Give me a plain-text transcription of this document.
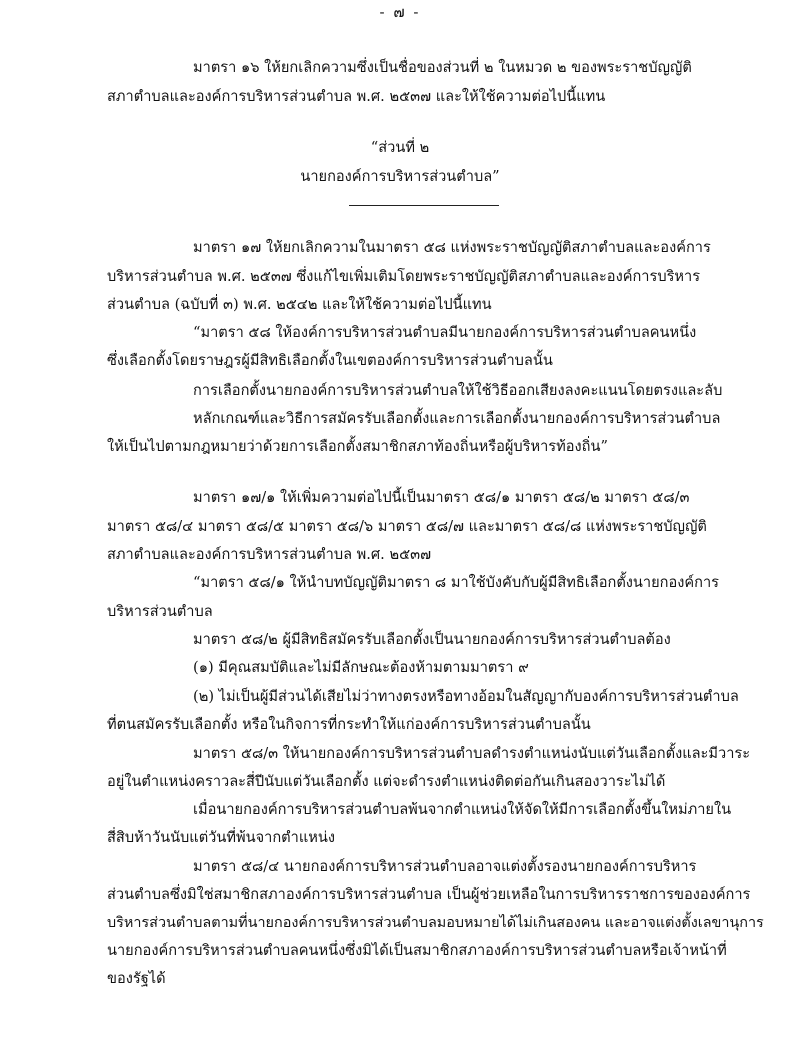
- ๗ -
มาตรา ๑๖ ให้ยกเลิกความซึ่งเป็นชื่อของส่วนที่ ๒ ในหมวด ๒ ของพระราชบัญญัติ
สภาตำบลและองค์การบริหารส่วนตำบล พ.ศ. ๒๕๓๗ และให้ใช้ความต่อไปนี้แทน
“ส่วนที่ ๒
นายกองค์การบริหารส่วนตำบล”
มาตรา ๑๗ ให้ยกเลิกความในมาตรา ๕๘ แห่งพระราชบัญญัติสภาตำบลและองค์การ
บริหารส่วนตำบล พ.ศ. ๒๕๓๗ ซึ่งแก้ไขเพิ่มเติมโดยพระราชบัญญัติสภาตำบลและองค์การบริหาร
ส่วนตำบล (ฉบับที่ ๓) พ.ศ. ๒๕๔๒ และให้ใช้ความต่อไปนี้แทน
“มาตรา ๕๘ ให้องค์การบริหารส่วนตำบลมีนายกองค์การบริหารส่วนตำบลคนหนึ่ง
ซึ่งเลือกตั้งโดยราษฎรผู้มีสิทธิเลือกตั้งในเขตองค์การบริหารส่วนตำบลนั้น
การเลือกตั้งนายกองค์การบริหารส่วนตำบลให้ใช้วิธีออกเสียงลงคะแนนโดยตรงและลับ
หลักเกณฑ์และวิธีการสมัครรับเลือกตั้งและการเลือกตั้งนายกองค์การบริหารส่วนตำบล
ให้เป็นไปตามกฎหมายว่าด้วยการเลือกตั้งสมาชิกสภาท้องถิ่นหรือผู้บริหารท้องถิ่น”
มาตรา ๑๗/๑ ให้เพิ่มความต่อไปนี้เป็นมาตรา ๕๘/๑ มาตรา ๕๘/๒ มาตรา ๕๘/๓
มาตรา ๕๘/๔ มาตรา ๕๘/๕ มาตรา ๕๘/๖ มาตรา ๕๘/๗ และมาตรา ๕๘/๘ แห่งพระราชบัญญัติ
สภาตำบลและองค์การบริหารส่วนตำบล พ.ศ. ๒๕๓๗
“มาตรา ๕๘/๑ ให้นำบทบัญญัติมาตรา ๘ มาใช้บังคับกับผู้มีสิทธิเลือกตั้งนายกองค์การ
บริหารส่วนตำบล
มาตรา ๕๘/๒ ผู้มีสิทธิสมัครรับเลือกตั้งเป็นนายกองค์การบริหารส่วนตำบลต้อง
(๑) มีคุณสมบัติและไม่มีลักษณะต้องห้ามตามมาตรา ๙
(๒) ไม่เป็นผู้มีส่วนได้เสียไม่ว่าทางตรงหรือทางอ้อมในสัญญากับองค์การบริหารส่วนตำบล
ที่ตนสมัครรับเลือกตั้ง หรือในกิจการที่กระทำให้แก่องค์การบริหารส่วนตำบลนั้น
มาตรา ๕๘/๓ ให้นายกองค์การบริหารส่วนตำบลดำรงตำแหน่งนับแต่วันเลือกตั้งและมีวาระ
อยู่ในตำแหน่งคราวละสี่ปีนับแต่วันเลือกตั้ง แต่จะดำรงตำแหน่งติดต่อกันเกินสองวาระไม่ได้
เมื่อนายกองค์การบริหารส่วนตำบลพ้นจากตำแหน่งให้จัดให้มีการเลือกตั้งขึ้นใหม่ภายใน
สี่สิบห้าวันนับแต่วันที่พ้นจากตำแหน่ง
มาตรา ๕๘/๔ นายกองค์การบริหารส่วนตำบลอาจแต่งตั้งรองนายกองค์การบริหาร
ส่วนตำบลซึ่งมิใช่สมาชิกสภาองค์การบริหารส่วนตำบล เป็นผู้ช่วยเหลือในการบริหารราชการขององค์การ
บริหารส่วนตำบลตามที่นายกองค์การบริหารส่วนตำบลมอบหมายได้ไม่เกินสองคน และอาจแต่งตั้งเลขานุการ
นายกองค์การบริหารส่วนตำบลคนหนึ่งซึ่งมิได้เป็นสมาชิกสภาองค์การบริหารส่วนตำบลหรือเจ้าหน้าที่
ของรัฐได้
